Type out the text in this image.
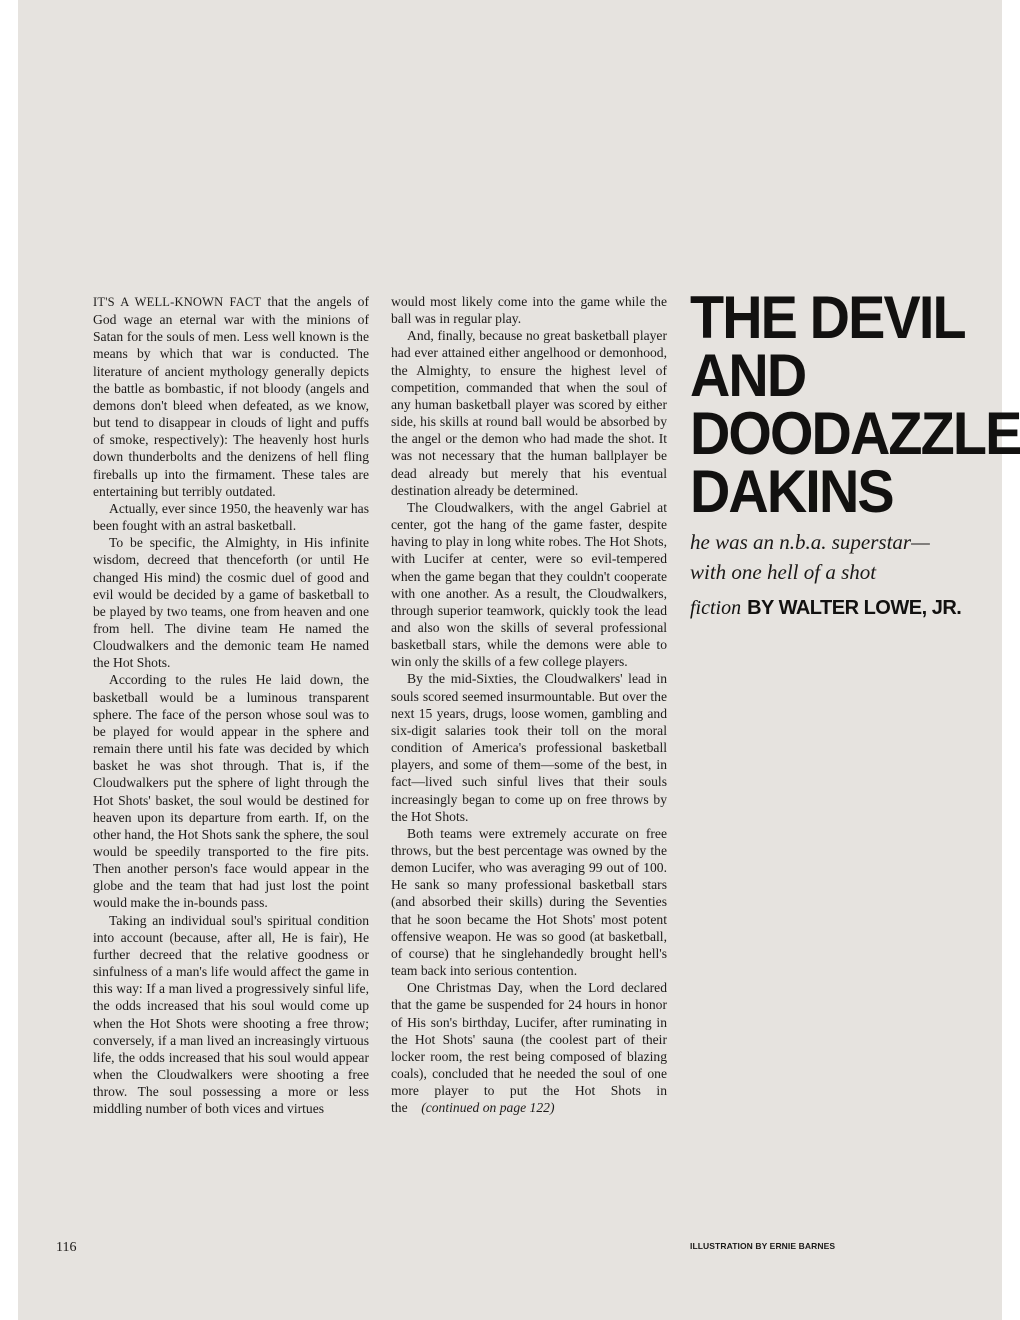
IT'S A WELL-KNOWN FACT that the angels of God wage an eternal war with the minions of Satan for the souls of men. Less well known is the means by which that war is conducted. The literature of ancient mythology generally depicts the battle as bombastic, if not bloody (angels and demons don't bleed when defeated, as we know, but tend to disappear in clouds of light and puffs of smoke, respectively): The heavenly host hurls down thunderbolts and the denizens of hell fling fireballs up into the firmament. These tales are entertaining but terribly outdated.

Actually, ever since 1950, the heavenly war has been fought with an astral basketball.

To be specific, the Almighty, in His infinite wisdom, decreed that thenceforth (or until He changed His mind) the cosmic duel of good and evil would be decided by a game of basketball to be played by two teams, one from heaven and one from hell. The divine team He named the Cloudwalkers and the demonic team He named the Hot Shots.

According to the rules He laid down, the basketball would be a luminous transparent sphere. The face of the person whose soul was to be played for would appear in the sphere and remain there until his fate was decided by which basket he was shot through. That is, if the Cloudwalkers put the sphere of light through the Hot Shots' basket, the soul would be destined for heaven upon its departure from earth. If, on the other hand, the Hot Shots sank the sphere, the soul would be speedily transported to the fire pits. Then another person's face would appear in the globe and the team that had just lost the point would make the in-bounds pass.

Taking an individual soul's spiritual condition into account (because, after all, He is fair), He further decreed that the relative goodness or sinfulness of a man's life would affect the game in this way: If a man lived a progressively sinful life, the odds increased that his soul would come up when the Hot Shots were shooting a free throw; conversely, if a man lived an increasingly virtuous life, the odds increased that his soul would appear when the Cloudwalkers were shooting a free throw. The soul possessing a more or less middling number of both vices and virtues

would most likely come into the game while the ball was in regular play.

And, finally, because no great basketball player had ever attained either angelhood or demonhood, the Almighty, to ensure the highest level of competition, commanded that when the soul of any human basketball player was scored by either side, his skills at round ball would be absorbed by the angel or the demon who had made the shot. It was not necessary that the human ballplayer be dead already but merely that his eventual destination already be determined.

The Cloudwalkers, with the angel Gabriel at center, got the hang of the game faster, despite having to play in long white robes. The Hot Shots, with Lucifer at center, were so evil-tempered when the game began that they couldn't cooperate with one another. As a result, the Cloudwalkers, through superior teamwork, quickly took the lead and also won the skills of several professional basketball stars, while the demons were able to win only the skills of a few college players.

By the mid-Sixties, the Cloudwalkers' lead in souls scored seemed insurmountable. But over the next 15 years, drugs, loose women, gambling and six-digit salaries took their toll on the moral condition of America's professional basketball players, and some of them—some of the best, in fact—lived such sinful lives that their souls increasingly began to come up on free throws by the Hot Shots.

Both teams were extremely accurate on free throws, but the best percentage was owned by the demon Lucifer, who was averaging 99 out of 100. He sank so many professional basketball stars (and absorbed their skills) during the Seventies that he soon became the Hot Shots' most potent offensive weapon. He was so good (at basketball, of course) that he singlehandedly brought hell's team back into serious contention.

One Christmas Day, when the Lord declared that the game be suspended for 24 hours in honor of His son's birthday, Lucifer, after ruminating in the Hot Shots' sauna (the coolest part of their locker room, the rest being composed of blazing coals), concluded that he needed the soul of one more player to put the Hot Shots in the (continued on page 122)

THE DEVIL
AND
DOODAZZLE
DAKINS
he was an n.b.a. superstar—
with one hell of a shot
fiction BY WALTER LOWE, JR.
116	ILLUSTRATION BY ERNIE BARNES
